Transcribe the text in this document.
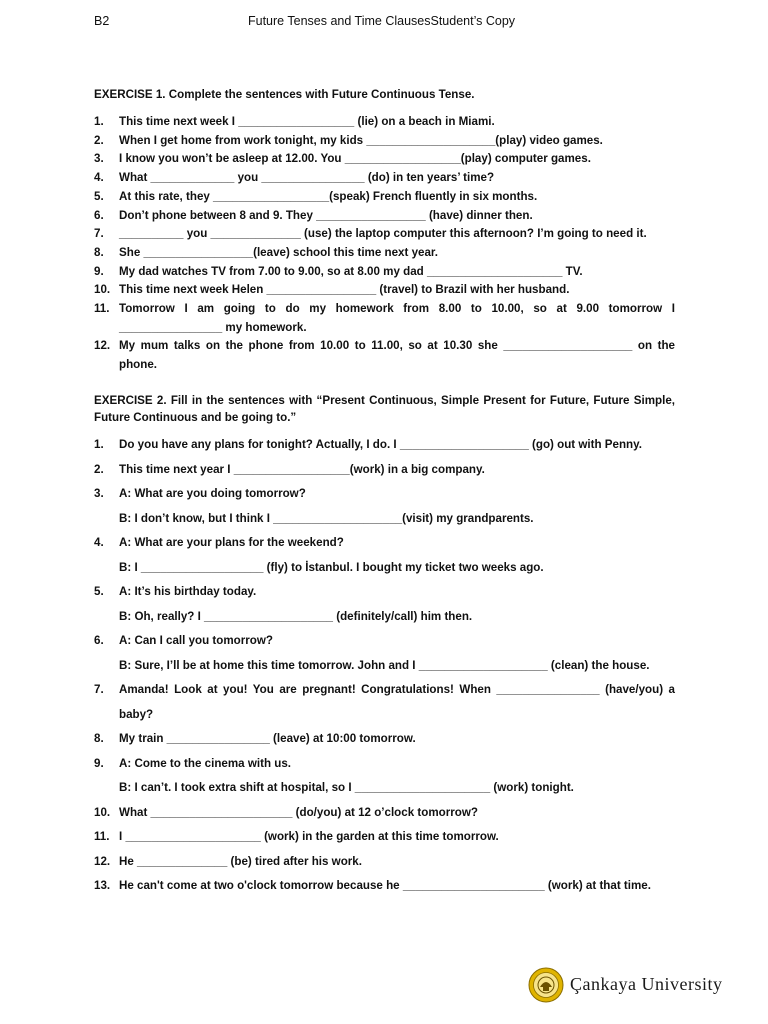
B2	Future Tenses and Time ClausesStudent’s Copy
EXERCISE 1. Complete the sentences with Future Continuous Tense.
1. This time next week I __________________ (lie) on a beach in Miami.
2. When I get home from work tonight, my kids ____________________(play) video games.
3. I know you won’t be asleep at 12.00. You __________________(play) computer games.
4. What _____________ you ________________ (do) in ten years’ time?
5. At this rate, they __________________(speak) French fluently in six months.
6. Don’t phone between 8 and 9. They _________________ (have) dinner then.
7. __________ you ______________ (use) the laptop computer this afternoon? I’m going to need it.
8. She _________________(leave) school this time next year.
9. My dad watches TV from 7.00 to 9.00, so at 8.00 my dad _____________________ TV.
10. This time next week Helen _________________ (travel) to Brazil with her husband.
11. Tomorrow I am going to do my homework from 8.00 to 10.00, so at 9.00 tomorrow I ________________ my homework.
12. My mum talks on the phone from 10.00 to 11.00, so at 10.30 she ____________________ on the phone.
EXERCISE 2. Fill in the sentences with “Present Continuous, Simple Present for Future, Future Simple, Future Continuous and be going to.”
1. Do you have any plans for tonight? Actually, I do. I ____________________ (go) out with Penny.
2. This time next year I __________________(work) in a big company.
3. A: What are you doing tomorrow?
B: I don’t know, but I think I ____________________(visit) my grandparents.
4. A: What are your plans for the weekend?
B: I ___________________ (fly) to İstanbul. I bought my ticket two weeks ago.
5. A: It’s his birthday today.
B: Oh, really? I ____________________ (definitely/call) him then.
6. A: Can I call you tomorrow?
B: Sure, I’ll be at home this time tomorrow. John and I ____________________ (clean) the house.
7. Amanda! Look at you! You are pregnant! Congratulations! When ________________ (have/you) a baby?
8. My train ________________ (leave) at 10:00 tomorrow.
9. A: Come to the cinema with us.
B: I can’t. I took extra shift at hospital, so I _____________________ (work) tonight.
10. What ______________________ (do/you) at 12 o’clock tomorrow?
11. I _____________________ (work) in the garden at this time tomorrow.
12. He ______________ (be) tired after his work.
13. He can't come at two o'clock tomorrow because he ______________________ (work) at that time.
Çankaya University
